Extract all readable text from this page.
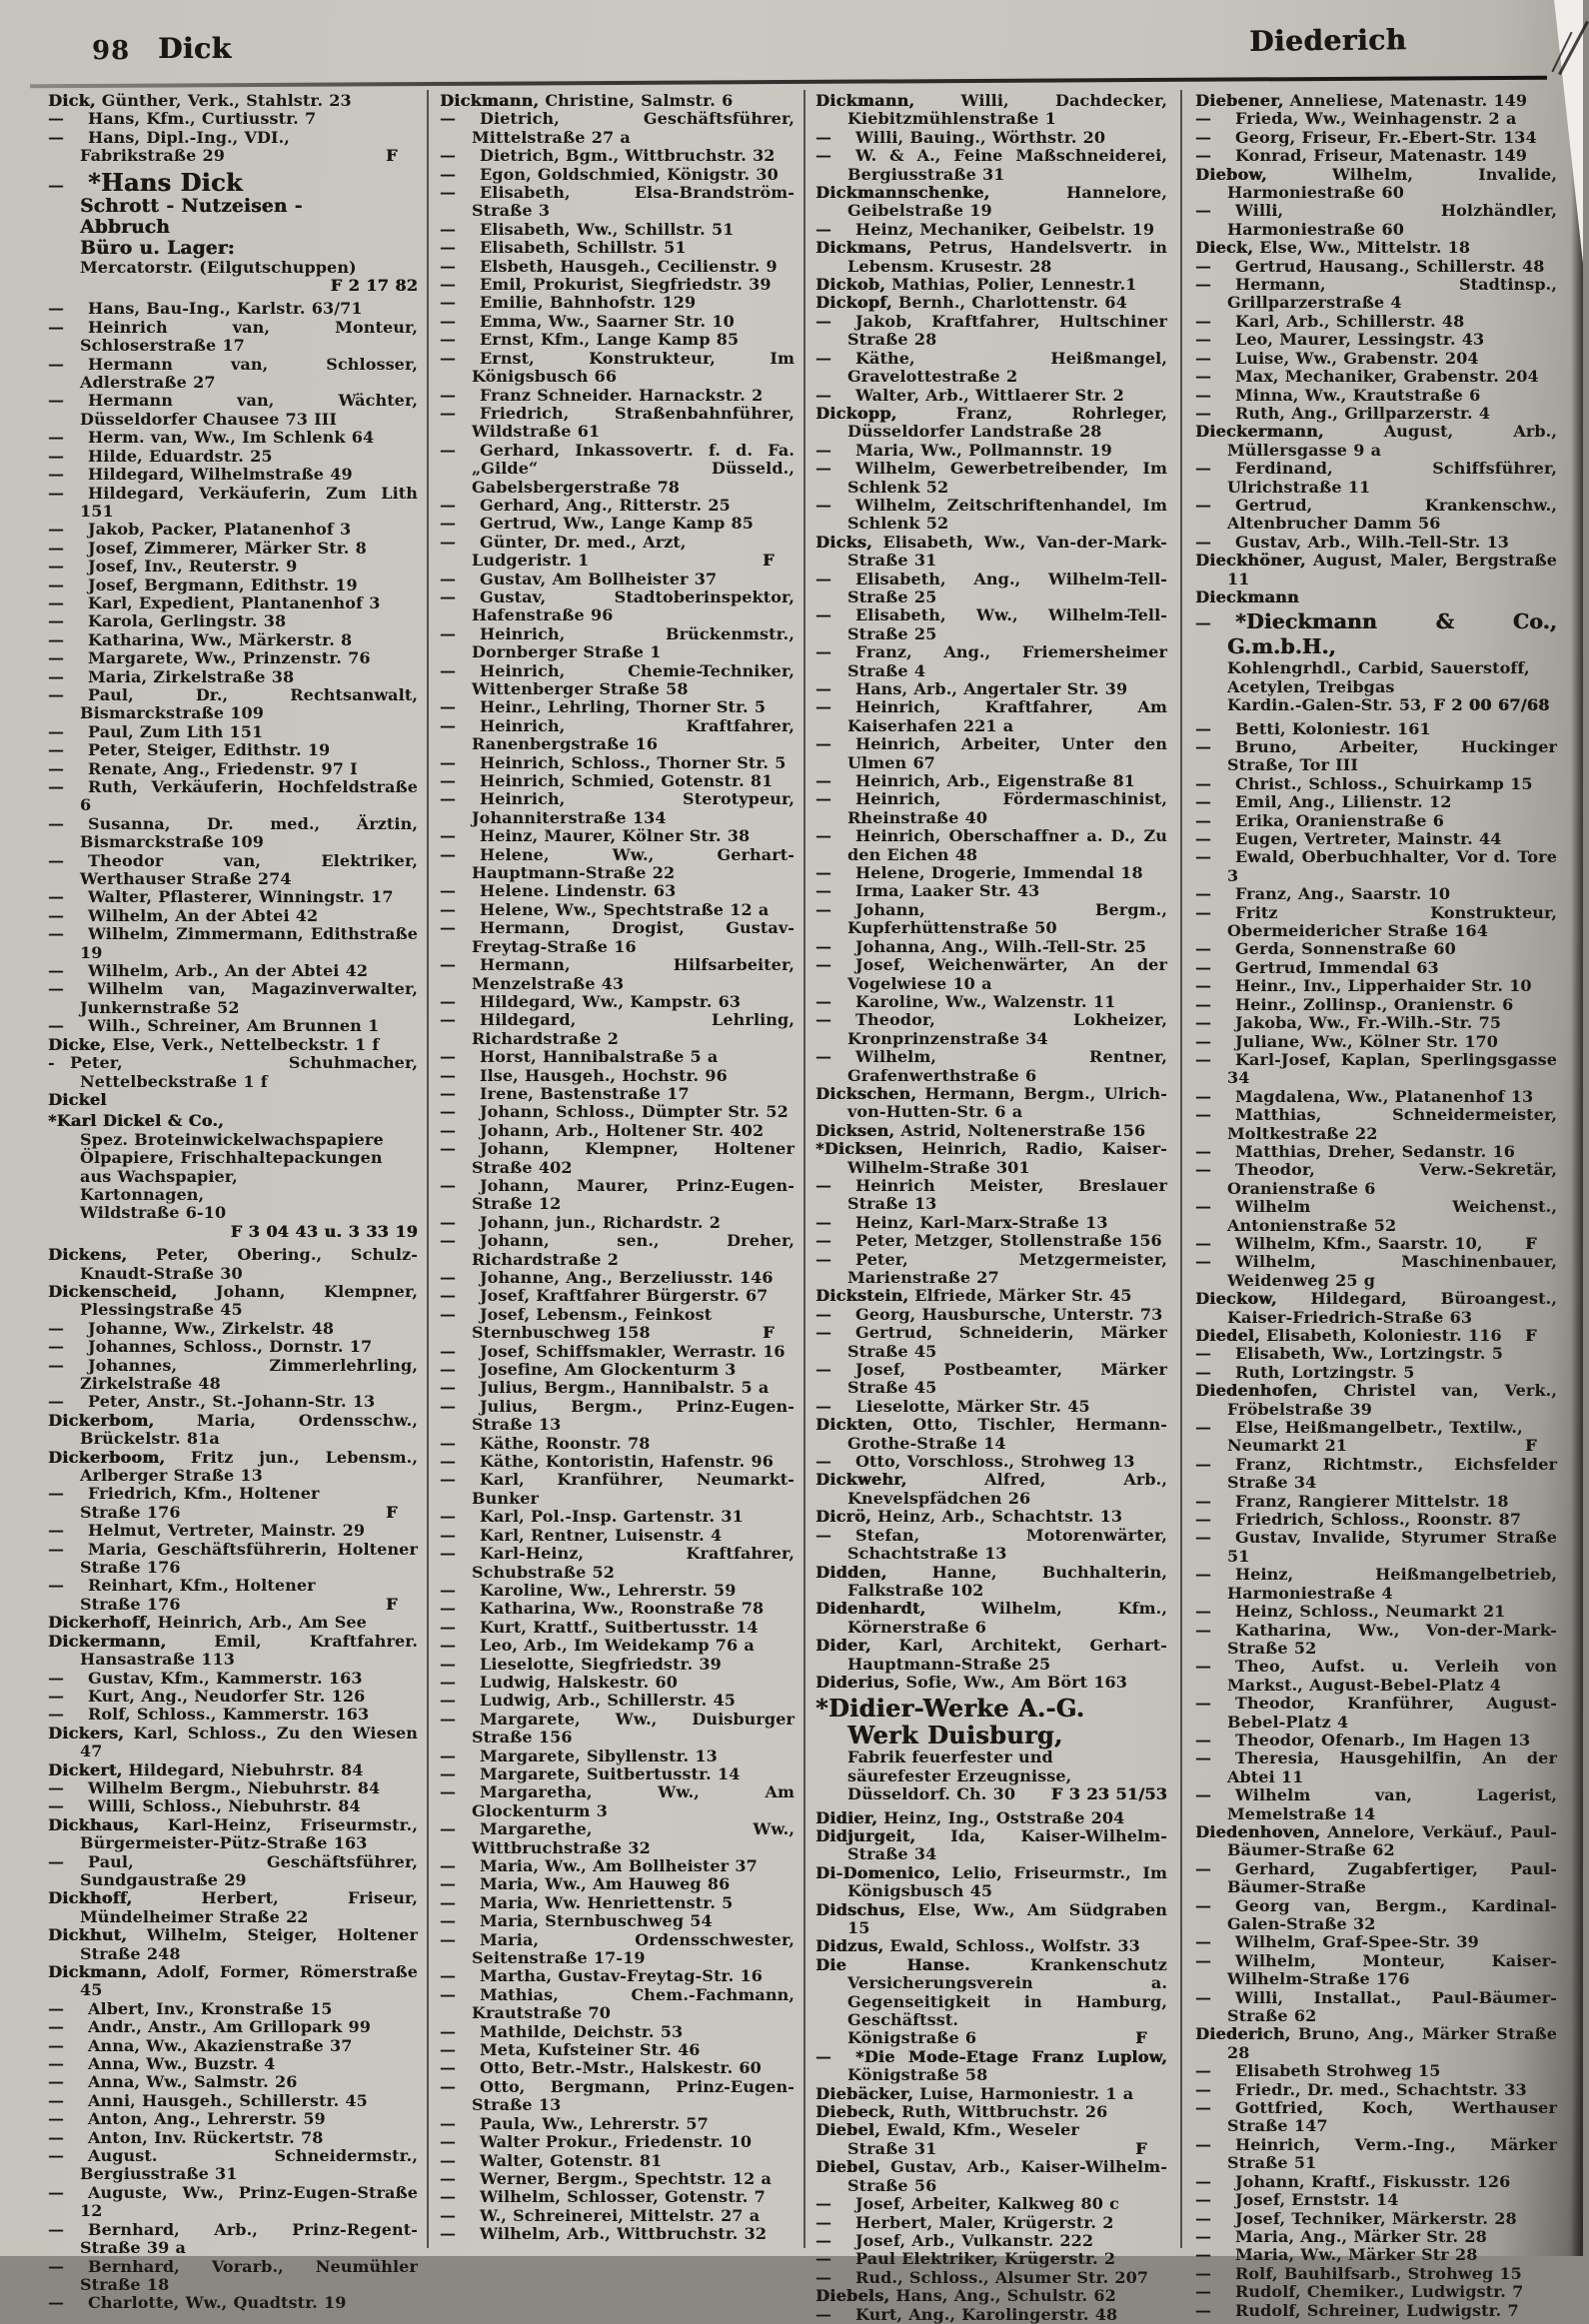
98 Dick	Diederich

Dick, Günther, Verk., Stahlstr. 23

— Hans, Kfm., Curtiusstr. 7

— Hans, Dipl.-Ing., VDI.,

F
Fabrikstraße 29

— *Hans Dick
Schrott - Nutzeisen -
Abbruch
Büro u. Lager:
Mercatorstr. (Eilgutschuppen)

F 2 17 82

— Hans, Bau-Ing., Karlstr. 63/71

— Heinrich van, Monteur, Schloserstraße 17

— Hermann van, Schlosser, Adlerstraße 27

— Hermann van, Wächter, Düsseldorfer Chausee 73 III

— Herm. van, Ww., Im Schlenk 64

— Hilde, Eduardstr. 25

— Hildegard, Wilhelmstraße 49

— Hildegard, Verkäuferin, Zum Lith 151

— Jakob, Packer, Platanenhof 3

— Josef, Zimmerer, Märker Str. 8

— Josef, Inv., Reuterstr. 9

— Josef, Bergmann, Edithstr. 19

— Karl, Expedient, Plantanenhof 3

— Karola, Gerlingstr. 38

— Katharina, Ww., Märkerstr. 8

— Margarete, Ww., Prinzenstr. 76

— Maria, Zirkelstraße 38

— Paul, Dr., Rechtsanwalt, Bismarckstraße 109

— Paul, Zum Lith 151

— Peter, Steiger, Edithstr. 19

— Renate, Ang., Friedenstr. 97 I

— Ruth, Verkäuferin, Hochfeldstraße 6

— Susanna, Dr. med., Ärztin, Bismarckstraße 109

— Theodor van, Elektriker, Werthauser Straße 274

— Walter, Pflasterer, Winningstr. 17

— Wilhelm, An der Abtei 42

— Wilhelm, Zimmermann, Edithstraße 19

— Wilhelm, Arb., An der Abtei 42

— Wilhelm van, Magazinverwalter, Junkernstraße 52

— Wilh., Schreiner, Am Brunnen 1

Dicke, Else, Verk., Nettelbeckstr. 1 f

- Peter, Schuhmacher, Nettelbeckstraße 1 f

Dickel

*Karl Dickel & Co.,
Spez. Broteinwickelwachspapiere
Ölpapiere, Frischhaltepackungen
aus Wachspapier,
Kartonnagen,
Wildstraße 6-10

F 3 04 43 u. 3 33 19

Dickens, Peter, Obering., Schulz-Knaudt-Straße 30

Dickenscheid, Johann, Klempner, Plessingstraße 45

— Johanne, Ww., Zirkelstr. 48

— Johannes, Schloss., Dornstr. 17

— Johannes, Zimmerlehrling, Zirkelstraße 48

— Peter, Anstr., St.-Johann-Str. 13

Dickerbom, Maria, Ordensschw., Brückelstr. 81a

Dickerboom, Fritz jun., Lebensm., Arlberger Straße 13

— Friedrich, Kfm., Holtener

F
Straße 176

— Helmut, Vertreter, Mainstr. 29

— Maria, Geschäftsführerin, Holtener Straße 176

— Reinhart, Kfm., Holtener

F
Straße 176

Dickerhoff, Heinrich, Arb., Am See

Dickermann, Emil, Kraftfahrer. Hansastraße 113

— Gustav, Kfm., Kammerstr. 163

— Kurt, Ang., Neudorfer Str. 126

— Rolf, Schloss., Kammerstr. 163

Dickers, Karl, Schloss., Zu den Wiesen 47

Dickert, Hildegard, Niebuhrstr. 84

— Wilhelm Bergm., Niebuhrstr. 84

— Willi, Schloss., Niebuhrstr. 84

Dickhaus, Karl-Heinz, Friseurmstr., Bürgermeister-Pütz-Straße 163

— Paul, Geschäftsführer, Sundgaustraße 29

Dickhoff, Herbert, Friseur, Mündelheimer Straße 22

Dickhut, Wilhelm, Steiger, Holtener Straße 248

Dickmann, Adolf, Former, Römerstraße 45

— Albert, Inv., Kronstraße 15

— Andr., Anstr., Am Grillopark 99

— Anna, Ww., Akazienstraße 37

— Anna, Ww., Buzstr. 4

— Anna, Ww., Salmstr. 26

— Anni, Hausgeh., Schillerstr. 45

— Anton, Ang., Lehrerstr. 59

— Anton, Inv. Rückertstr. 78

— August. Schneidermstr., Bergiusstraße 31

— Auguste, Ww., Prinz-Eugen-Straße 12

— Bernhard, Arb., Prinz-Regent-Straße 39 a

— Bernhard, Vorarb., Neumühler Straße 18

— Charlotte, Ww., Quadtstr. 19

Dickmann, Christine, Salmstr. 6

— Dietrich, Geschäftsführer, Mittelstraße 27 a

— Dietrich, Bgm., Wittbruchstr. 32

— Egon, Goldschmied, Königstr. 30

— Elisabeth, Elsa-Brandström-Straße 3

— Elisabeth, Ww., Schillstr. 51

— Elisabeth, Schillstr. 51

— Elsbeth, Hausgeh., Cecilienstr. 9

— Emil, Prokurist, Siegfriedstr. 39

— Emilie, Bahnhofstr. 129

— Emma, Ww., Saarner Str. 10

— Ernst, Kfm., Lange Kamp 85

— Ernst, Konstrukteur, Im Königsbusch 66

— Franz Schneider. Harnackstr. 2

— Friedrich, Straßenbahnführer, Wildstraße 61

— Gerhard, Inkassovertr. f. d. Fa. „Gilde“ Düsseld., Gabelsbergerstraße 78

— Gerhard, Ang., Ritterstr. 25

— Gertrud, Ww., Lange Kamp 85

— Günter, Dr. med., Arzt,

F
Ludgeristr. 1

— Gustav, Am Bollheister 37

— Gustav, Stadtoberinspektor, Hafenstraße 96

— Heinrich, Brückenmstr., Dornberger Straße 1

— Heinrich, Chemie-Techniker, Wittenberger Straße 58

— Heinr., Lehrling, Thorner Str. 5

— Heinrich, Kraftfahrer, Ranenbergstraße 16

— Heinrich, Schloss., Thorner Str. 5

— Heinrich, Schmied, Gotenstr. 81

— Heinrich, Sterotypeur, Johanniterstraße 134

— Heinz, Maurer, Kölner Str. 38

— Helene, Ww., Gerhart-Hauptmann-Straße 22

— Helene. Lindenstr. 63

— Helene, Ww., Spechtstraße 12 a

— Hermann, Drogist, Gustav-Freytag-Straße 16

— Hermann, Hilfsarbeiter, Menzelstraße 43

— Hildegard, Ww., Kampstr. 63

— Hildegard, Lehrling, Richardstraße 2

— Horst, Hannibalstraße 5 a

— Ilse, Hausgeh., Hochstr. 96

— Irene, Bastenstraße 17

— Johann, Schloss., Dümpter Str. 52

— Johann, Arb., Holtener Str. 402

— Johann, Klempner, Holtener Straße 402

— Johann, Maurer, Prinz-Eugen-Straße 12

— Johann, jun., Richardstr. 2

— Johann, sen., Dreher, Richardstraße 2

— Johanne, Ang., Berzeliusstr. 146

— Josef, Kraftfahrer Bürgerstr. 67

— Josef, Lebensm., Feinkost

F
Sternbuschweg 158

— Josef, Schiffsmakler, Werrastr. 16

— Josefine, Am Glockenturm 3

— Julius, Bergm., Hannibalstr. 5 a

— Julius, Bergm., Prinz-Eugen-Straße 13

— Käthe, Roonstr. 78

— Käthe, Kontoristin, Hafenstr. 96

— Karl, Kranführer, Neumarkt-Bunker

— Karl, Pol.-Insp. Gartenstr. 31

— Karl, Rentner, Luisenstr. 4

— Karl-Heinz, Kraftfahrer, Schubstraße 52

— Karoline, Ww., Lehrerstr. 59

— Katharina, Ww., Roonstraße 78

— Kurt, Krattf., Suitbertusstr. 14

— Leo, Arb., Im Weidekamp 76 a

— Lieselotte, Siegfriedstr. 39

— Ludwig, Halskestr. 60

— Ludwig, Arb., Schillerstr. 45

— Margarete, Ww., Duisburger Straße 156

— Margarete, Sibyllenstr. 13

— Margarete, Suitbertusstr. 14

— Margaretha, Ww., Am Glockenturm 3

— Margarethe, Ww., Wittbruchstraße 32

— Maria, Ww., Am Bollheister 37

— Maria, Ww., Am Hauweg 86

— Maria, Ww. Henriettenstr. 5

— Maria, Sternbuschweg 54

— Maria, Ordensschwester, Seitenstraße 17-19

— Martha, Gustav-Freytag-Str. 16

— Mathias, Chem.-Fachmann, Krautstraße 70

— Mathilde, Deichstr. 53

— Meta, Kufsteiner Str. 46

— Otto, Betr.-Mstr., Halskestr. 60

— Otto, Bergmann, Prinz-Eugen-Straße 13

— Paula, Ww., Lehrerstr. 57

— Walter Prokur., Friedenstr. 10

— Walter, Gotenstr. 81

— Werner, Bergm., Spechtstr. 12 a

— Wilhelm, Schlosser, Gotenstr. 7

— W., Schreinerei, Mittelstr. 27 a

— Wilhelm, Arb., Wittbruchstr. 32

Dickmann, Willi, Dachdecker, Kiebitzmühlenstraße 1

— Willi, Bauing., Wörthstr. 20

— W. & A., Feine Maßschneiderei, Bergiusstraße 31

Dickmannschenke, Hannelore, Geibelstraße 19

— Heinz, Mechaniker, Geibelstr. 19

Dickmans, Petrus, Handelsvertr. in Lebensm. Krusestr. 28

Dickob, Mathias, Polier, Lennestr.1

Dickopf, Bernh., Charlottenstr. 64

— Jakob, Kraftfahrer, Hultschiner Straße 28

— Käthe, Heißmangel, Gravelottestraße 2

— Walter, Arb., Wittlaerer Str. 2

Dickopp, Franz, Rohrleger, Düsseldorfer Landstraße 28

— Maria, Ww., Pollmannstr. 19

— Wilhelm, Gewerbetreibender, Im Schlenk 52

— Wilhelm, Zeitschriftenhandel, Im Schlenk 52

Dicks, Elisabeth, Ww., Van-der-Mark-Straße 31

— Elisabeth, Ang., Wilhelm-Tell-Straße 25

— Elisabeth, Ww., Wilhelm-Tell-Straße 25

— Franz, Ang., Friemersheimer Straße 4

— Hans, Arb., Angertaler Str. 39

— Heinrich, Kraftfahrer, Am Kaiserhafen 221 a

— Heinrich, Arbeiter, Unter den Ulmen 67

— Heinrich, Arb., Eigenstraße 81

— Heinrich, Fördermaschinist, Rheinstraße 40

— Heinrich, Oberschaffner a. D., Zu den Eichen 48

— Helene, Drogerie, Immendal 18

— Irma, Laaker Str. 43

— Johann, Bergm., Kupferhüttenstraße 50

— Johanna, Ang., Wilh.-Tell-Str. 25

— Josef, Weichenwärter, An der Vogelwiese 10 a

— Karoline, Ww., Walzenstr. 11

— Theodor, Lokheizer, Kronprinzenstraße 34

— Wilhelm, Rentner, Grafenwerthstraße 6

Dickschen, Hermann, Bergm., Ulrich-von-Hutten-Str. 6 a

Dicksen, Astrid, Noltenerstraße 156

*Dicksen, Heinrich, Radio, Kaiser-Wilhelm-Straße 301

— Heinrich Meister, Breslauer Straße 13

— Heinz, Karl-Marx-Straße 13

— Peter, Metzger, Stollenstraße 156

— Peter, Metzgermeister, Marienstraße 27

Dickstein, Elfriede, Märker Str. 45

— Georg, Hausbursche, Unterstr. 73

— Gertrud, Schneiderin, Märker Straße 45

— Josef, Postbeamter, Märker Straße 45

— Lieselotte, Märker Str. 45

Dickten, Otto, Tischler, Hermann-Grothe-Straße 14

— Otto, Vorschloss., Strohweg 13

Dickwehr, Alfred, Arb., Knevelspfädchen 26

Dicrö, Heinz, Arb., Schachtstr. 13

— Stefan, Motorenwärter, Schachtstraße 13

Didden, Hanne, Buchhalterin, Falkstraße 102

Didenhardt, Wilhelm, Kfm., Körnerstraße 6

Dider, Karl, Architekt, Gerhart-Hauptmann-Straße 25

Diderius, Sofie, Ww., Am Bört 163

*Didier-Werke A.-G.
Werk Duisburg,
Fabrik feuerfester und
säurefester Erzeugnisse,

F 3 23 51/53
Düsseldorf. Ch. 30

Didier, Heinz, Ing., Oststraße 204

Didjurgeit, Ida, Kaiser-Wilhelm-Straße 34

Di-Domenico, Lelio, Friseurmstr., Im Königsbusch 45

Didschus, Else, Ww., Am Südgraben 15

Didzus, Ewald, Schloss., Wolfstr. 33

Die Hanse. Krankenschutz Versicherungsverein a. Gegenseitigkeit in Hamburg, Geschäftsst.

F
Königstraße 6

— *Die Mode-Etage Franz Luplow, Königstraße 58

Diebäcker, Luise, Harmoniestr. 1 a

Diebeck, Ruth, Wittbruchstr. 26

Diebel, Ewald, Kfm., Weseler

F
Straße 31

Diebel, Gustav, Arb., Kaiser-Wilhelm-Straße 56

— Josef, Arbeiter, Kalkweg 80 c

— Herbert, Maler, Krügerstr. 2

— Josef, Arb., Vulkanstr. 222

— Paul Elektriker, Krügerstr. 2

— Rud., Schloss., Alsumer Str. 207

Diebels, Hans, Ang., Schulstr. 62

— Kurt, Ang., Karolingerstr. 48

Diebener, Anneliese, Matenastr. 149

— Frieda, Ww., Weinhagenstr. 2 a

— Georg, Friseur, Fr.-Ebert-Str. 134

— Konrad, Friseur, Matenastr. 149

Diebow, Wilhelm, Invalide, Harmoniestraße 60

— Willi, Holzhändler, Harmoniestraße 60

Dieck, Else, Ww., Mittelstr. 18

— Gertrud, Hausang., Schillerstr. 48

— Hermann, Stadtinsp., Grillparzerstraße 4

— Karl, Arb., Schillerstr. 48

— Leo, Maurer, Lessingstr. 43

— Luise, Ww., Grabenstr. 204

— Max, Mechaniker, Grabenstr. 204

— Minna, Ww., Krautstraße 6

— Ruth, Ang., Grillparzerstr. 4

Dieckermann, August, Arb., Müllersgasse 9 a

— Ferdinand, Schiffsführer, Ulrichstraße 11

— Gertrud, Krankenschw., Altenbrucher Damm 56

— Gustav, Arb., Wilh.-Tell-Str. 13

Dieckhöner, August, Maler, Bergstraße 11

Dieckmann

— *Dieckmann & Co., G.m.b.H.,
Kohlengrhdl., Carbid, Sauerstoff,
Acetylen, Treibgas
Kardin.-Galen-Str. 53, F 2 00 67/68

— Betti, Koloniestr. 161

— Bruno, Arbeiter, Huckinger Straße, Tor III

— Christ., Schloss., Schuirkamp 15

— Emil, Ang., Lilienstr. 12

— Erika, Oranienstraße 6

— Eugen, Vertreter, Mainstr. 44

— Ewald, Oberbuchhalter, Vor d. Tore 3

— Franz, Ang., Saarstr. 10

— Fritz Konstrukteur, Obermeidericher Straße 164

— Gerda, Sonnenstraße 60

— Gertrud, Immendal 63

— Heinr., Inv., Lipperhaider Str. 10

— Heinr., Zollinsp., Oranienstr. 6

— Jakoba, Ww., Fr.-Wilh.-Str. 75

— Juliane, Ww., Kölner Str. 170

— Karl-Josef, Kaplan, Sperlingsgasse 34

— Magdalena, Ww., Platanenhof 13

— Matthias, Schneidermeister, Moltkestraße 22

— Matthias, Dreher, Sedanstr. 16

— Theodor, Verw.-Sekretär, Oranienstraße 6

— Wilhelm Weichenst., Antonienstraße 52

—	F
Wilhelm, Kfm., Saarstr. 10,

— Wilhelm, Maschinenbauer, Weidenweg 25 g

Dieckow, Hildegard, Büroangest., Kaiser-Friedrich-Straße 63

F
Diedel, Elisabeth, Koloniestr. 116

— Elisabeth, Ww., Lortzingstr. 5

— Ruth, Lortzingstr. 5

Diedenhofen, Christel van, Verk., Fröbelstraße 39

— Else, Heißmangelbetr., Textilw.,

F
Neumarkt 21

— Franz, Richtmstr., Eichsfelder Straße 34

— Franz, Rangierer Mittelstr. 18

— Friedrich, Schloss., Roonstr. 87

— Gustav, Invalide, Styrumer Straße 51

— Heinz, Heißmangelbetrieb, Harmoniestraße 4

— Heinz, Schloss., Neumarkt 21

— Katharina, Ww., Von-der-Mark-Straße 52

— Theo, Aufst. u. Verleih von Markst., August-Bebel-Platz 4

— Theodor, Kranführer, August-Bebel-Platz 4

— Theodor, Ofenarb., Im Hagen 13

— Theresia, Hausgehilfin, An der Abtei 11

— Wilhelm van, Lagerist, Memelstraße 14

Diedenhoven, Annelore, Verkäuf., Paul-Bäumer-Straße 62

— Gerhard, Zugabfertiger, Paul-Bäumer-Straße

— Georg van, Bergm., Kardinal-Galen-Straße 32

— Wilhelm, Graf-Spee-Str. 39

— Wilhelm, Monteur, Kaiser-Wilhelm-Straße 176

— Willi, Installat., Paul-Bäumer-Straße 62

Diederich, Bruno, Ang., Märker Straße 28

— Elisabeth Strohweg 15

— Friedr., Dr. med., Schachtstr. 33

— Gottfried, Koch, Werthauser Straße 147

— Heinrich, Verm.-Ing., Märker Straße 51

— Johann, Kraftf., Fiskusstr. 126

— Josef, Ernststr. 14

— Josef, Techniker, Märkerstr. 28

— Maria, Ang., Märker Str. 28

— Maria, Ww., Märker Str 28

— Rolf, Bauhilfsarb., Strohweg 15

— Rudolf, Chemiker., Ludwigstr. 7

— Rudolf, Schreiner, Ludwigstr. 7
